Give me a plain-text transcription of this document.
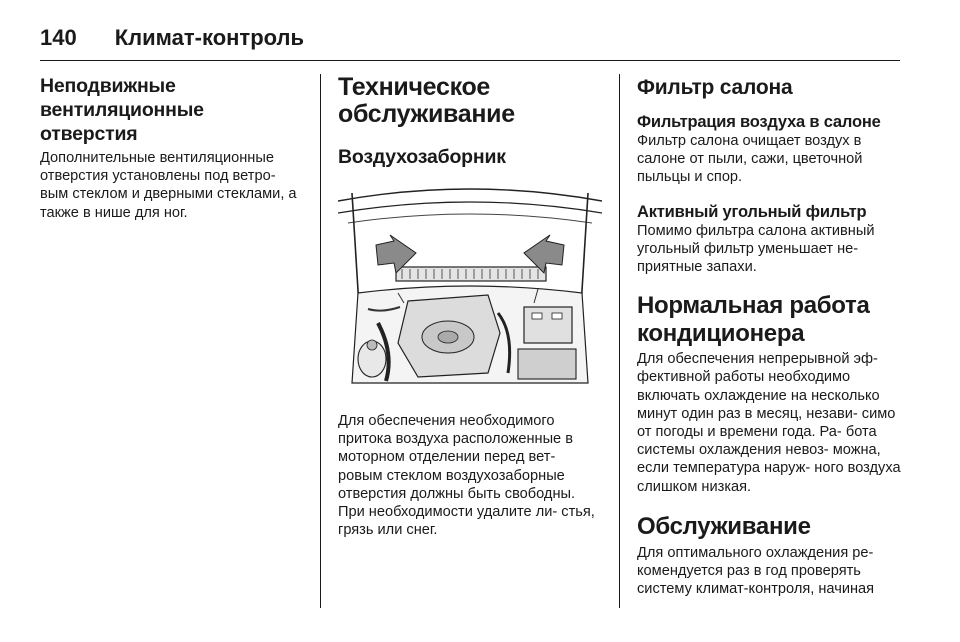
140 Климат-контроль
Неподвижные вентиляционные отверстия

Дополнительные вентиляционные отверстия установлены под ветро- вым стеклом и дверными стеклами, а также в нише для ног.

Техническое обслуживание
Воздухозаборник

Для обеспечения необходимого притока воздуха расположенные в моторном отделении перед вет- ровым стеклом воздухозаборные отверстия должны быть свободны. При необходимости удалите ли- стья, грязь или снег.

Фильтр салона
Фильтрация воздуха в салоне

Фильтр салона очищает воздух в салоне от пыли, сажи, цветочной пыльцы и спор.

Активный угольный фильтр

Помимо фильтра салона активный угольный фильтр уменьшает не- приятные запахи.

Нормальная работа кондиционера

Для обеспечения непрерывной эф- фективной работы необходимо включать охлаждение на несколько минут один раз в месяц, незави- симо от погоды и времени года. Ра- бота системы охлаждения невоз- можна, если температура наруж- ного воздуха слишком низкая.

Обслуживание

Для оптимального охлаждения ре- комендуется раз в год проверять систему климат-контроля, начиная
